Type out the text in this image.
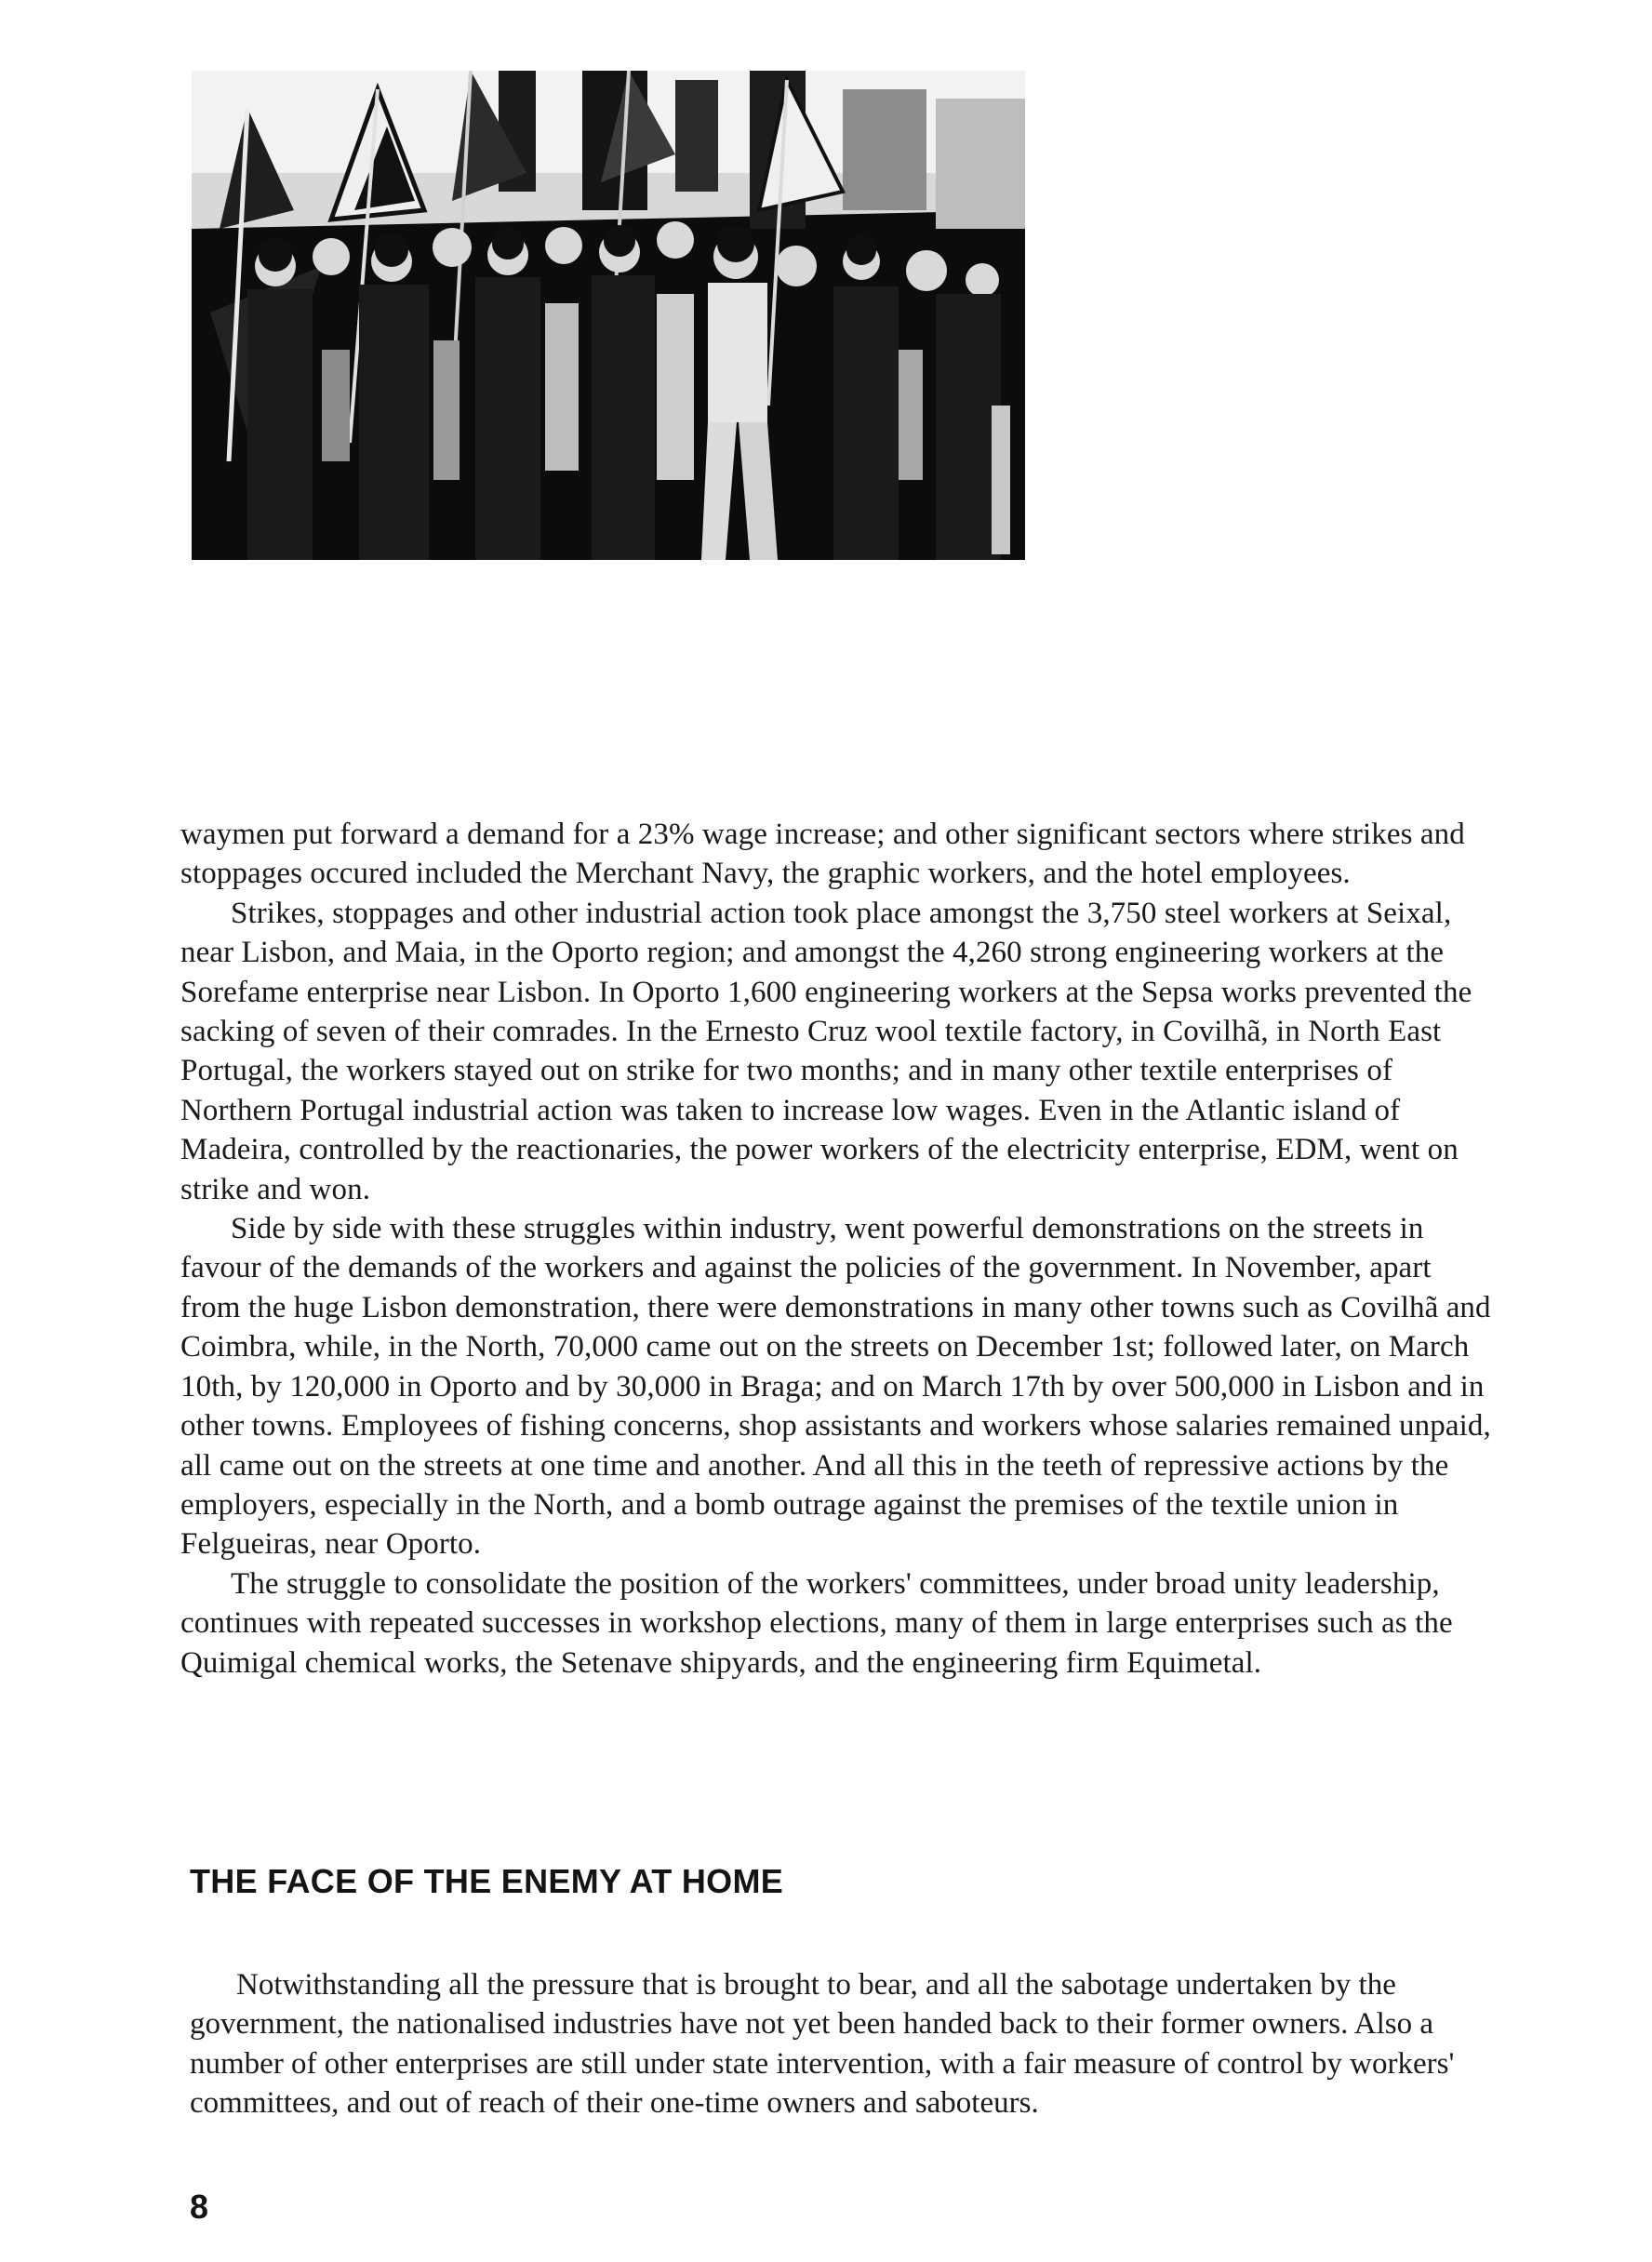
waymen put forward a demand for a 23% wage increase; and other significant sectors where strikes and stoppages occured included the Merchant Navy, the graphic workers, and the hotel employees.

Strikes, stoppages and other industrial action took place amongst the 3,750 steel workers at Seixal, near Lisbon, and Maia, in the Oporto region; and amongst the 4,260 strong engineering workers at the Sorefame enterprise near Lisbon. In Oporto 1,600 engineering workers at the Sepsa works prevented the sacking of seven of their comrades. In the Ernesto Cruz wool textile factory, in Covilhã, in North East Portugal, the workers stayed out on strike for two months; and in many other textile enterprises of Northern Portugal industrial action was taken to increase low wages. Even in the Atlantic island of Madeira, controlled by the reactionaries, the power workers of the electricity enterprise, EDM, went on strike and won.

Side by side with these struggles within industry, went powerful demonstrations on the streets in favour of the demands of the workers and against the policies of the government. In November, apart from the huge Lisbon demonstration, there were demonstrations in many other towns such as Covilhã and Coimbra, while, in the North, 70,000 came out on the streets on December 1st; followed later, on March 10th, by 120,000 in Oporto and by 30,000 in Braga; and on March 17th by over 500,000 in Lisbon and in other towns. Employees of fishing concerns, shop assistants and workers whose salaries remained unpaid, all came out on the streets at one time and another. And all this in the teeth of repressive actions by the employers, especially in the North, and a bomb outrage against the premises of the textile union in Felgueiras, near Oporto.

The struggle to consolidate the position of the workers' committees, under broad unity leadership, continues with repeated successes in workshop elections, many of them in large enterprises such as the Quimigal chemical works, the Setenave shipyards, and the engineering firm Equimetal.

THE FACE OF THE ENEMY AT HOME

Notwithstanding all the pressure that is brought to bear, and all the sabotage undertaken by the government, the nationalised industries have not yet been handed back to their former owners. Also a number of other enterprises are still under state intervention, with a fair measure of control by workers' committees, and out of reach of their one-time owners and saboteurs.

8
